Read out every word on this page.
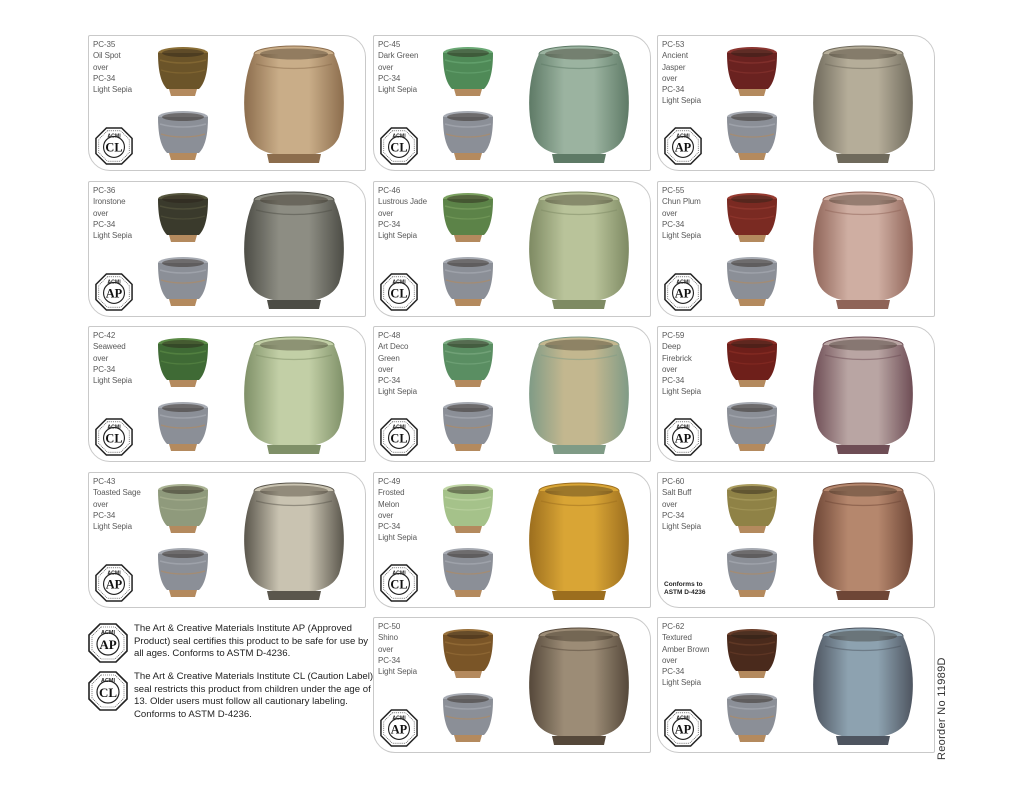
PC-35
Oil Spot
over
PC-34
Light Sepia
ACMI
CL
PC-45
Dark Green
over
PC-34
Light Sepia
ACMI
CL
PC-53
Ancient
Jasper
over
PC-34
Light Sepia
ACMI
AP
PC-36
Ironstone
over
PC-34
Light Sepia
ACMI
AP
PC-46
Lustrous Jade
over
PC-34
Light Sepia
ACMI
CL
PC-55
Chun Plum
over
PC-34
Light Sepia
ACMI
AP
PC-42
Seaweed
over
PC-34
Light Sepia
ACMI
CL
PC-48
Art Deco
Green
over
PC-34
Light Sepia
ACMI
CL
PC-59
Deep
Firebrick
over
PC-34
Light Sepia
ACMI
AP
PC-43
Toasted Sage
over
PC-34
Light Sepia
ACMI
AP
PC-49
Frosted
Melon
over
PC-34
Light Sepia
ACMI
CL
PC-60
Salt Buff
over
PC-34
Light Sepia
Conforms to
ASTM D-4236
PC-50
Shino
over
PC-34
Light Sepia
ACMI
AP
PC-62
Textured
Amber Brown
over
PC-34
Light Sepia
ACMI
AP
ACMI
AP
The Art & Creative Materials Institute AP (Approved Product) seal certifies this product to be safe for use by all ages. Conforms to ASTM D-4236.
ACMI
CL
The Art & Creative Materials Institute CL (Caution Label) seal restricts this product from children under the age of 13. Older users must follow all cautionary labeling. Conforms to ASTM D-4236.	Reorder No 11989D
